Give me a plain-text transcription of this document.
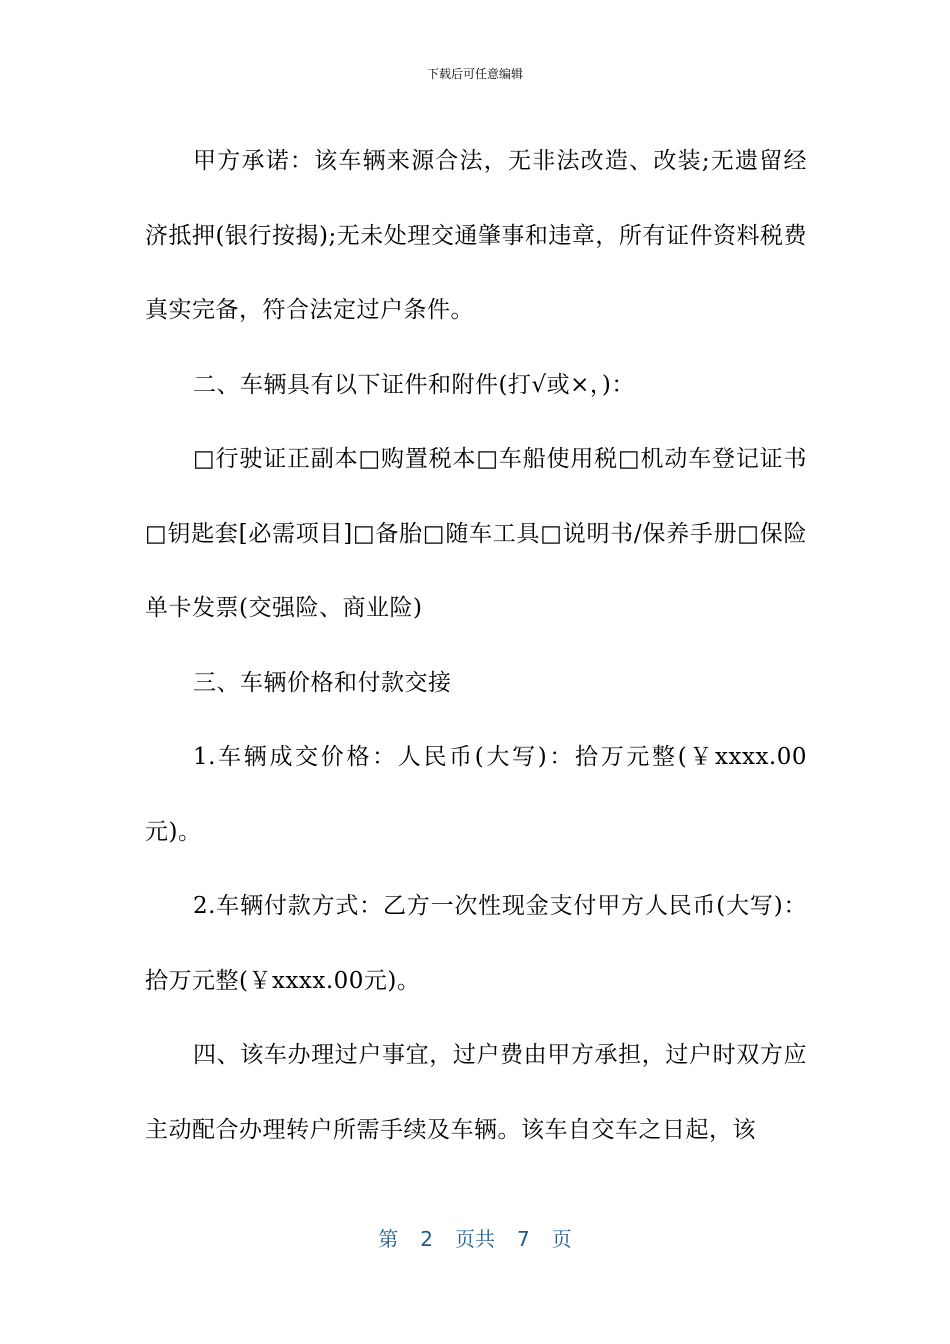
下载后可任意编辑

甲方承诺：该车辆来源合法，无非法改造、改装;无遗留经济抵押(银行按揭);无未处理交通肇事和违章，所有证件资料税费真实完备，符合法定过户条件。

二、车辆具有以下证件和附件(打√或×，)：

□行驶证正副本□购置税本□车船使用税□机动车登记证书□钥匙套[必需项目]□备胎□随车工具□说明书/保养手册□保险单卡发票(交强险、商业险)

三、车辆价格和付款交接

1.车辆成交价格：人民币(大写)：拾万元整(￥xxxx.00元)。

2.车辆付款方式：乙方一次性现金支付甲方人民币(大写)：拾万元整(￥xxxx.00元)。

四、该车办理过户事宜，过户费由甲方承担，过户时双方应主动配合办理转户所需手续及车辆。该车自交车之日起，该

第 2 页共 7 页
